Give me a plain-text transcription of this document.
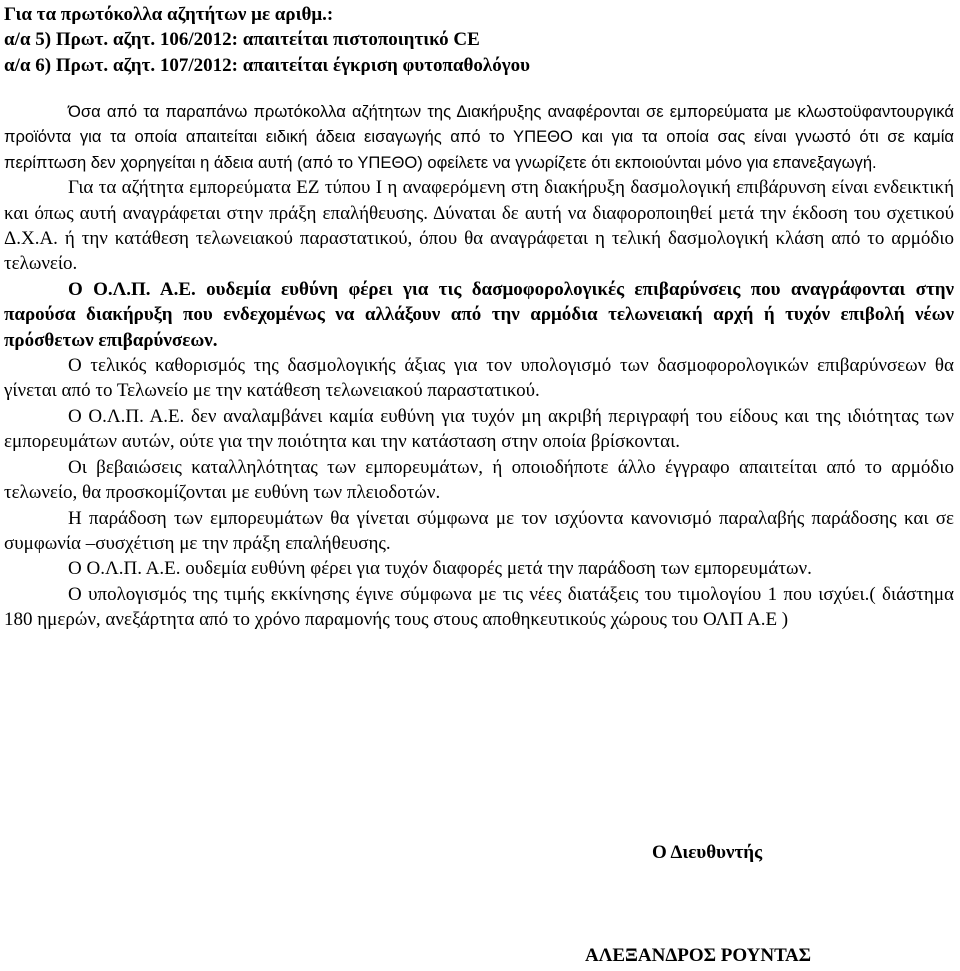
Για τα πρωτόκολλα αζητήτων με αριθμ.:
α/α 5) Πρωτ. αζητ. 106/2012: απαιτείται πιστοποιητικό CE
α/α 6) Πρωτ. αζητ. 107/2012: απαιτείται έγκριση φυτοπαθολόγου

Όσα από τα παραπάνω πρωτόκολλα αζήτητων της Διακήρυξης αναφέρονται σε εμπορεύματα με κλωστοϋφαντουργικά προϊόντα για τα οποία απαιτείται ειδική άδεια εισαγωγής από το ΥΠΕΘΟ και για τα οποία σας είναι γνωστό ότι σε καμία περίπτωση δεν χορηγείται η άδεια αυτή (από το ΥΠΕΘΟ) οφείλετε να γνωρίζετε ότι εκποιούνται μόνο για επανεξαγωγή.

Για τα αζήτητα εμπορεύματα ΕΖ τύπου Ι η αναφερόμενη στη διακήρυξη δασμολογική επιβάρυνση είναι ενδεικτική και όπως αυτή αναγράφεται στην πράξη επαλήθευσης. Δύναται δε αυτή να διαφοροποιηθεί μετά την έκδοση του σχετικού Δ.Χ.Α. ή την κατάθεση τελωνειακού παραστατικού, όπου θα αναγράφεται η τελική δασμολογική κλάση από το αρμόδιο τελωνείο.

Ο Ο.Λ.Π. Α.Ε. ουδεμία ευθύνη φέρει για τις δασμοφορολογικές επιβαρύνσεις που αναγράφονται στην παρούσα διακήρυξη που ενδεχομένως να αλλάξουν από την αρμόδια τελωνειακή αρχή ή τυχόν επιβολή νέων πρόσθετων επιβαρύνσεων.

Ο τελικός καθορισμός της δασμολογικής άξιας για τον υπολογισμό των δασμοφορολογικών επιβαρύνσεων θα γίνεται από το Τελωνείο με την κατάθεση τελωνειακού παραστατικού.

Ο Ο.Λ.Π. Α.Ε. δεν αναλαμβάνει καμία ευθύνη για τυχόν μη ακριβή περιγραφή του είδους και της ιδιότητας των εμπορευμάτων αυτών, ούτε για την ποιότητα και την κατάσταση στην οποία βρίσκονται.

Οι βεβαιώσεις καταλληλότητας των εμπορευμάτων, ή οποιοδήποτε άλλο έγγραφο απαιτείται από το αρμόδιο τελωνείο, θα προσκομίζονται με ευθύνη των πλειοδοτών.

Η παράδοση των εμπορευμάτων θα γίνεται σύμφωνα με τον ισχύοντα κανονισμό παραλαβής παράδοσης και σε συμφωνία –συσχέτιση με την πράξη επαλήθευσης.

Ο Ο.Λ.Π. Α.Ε. ουδεμία ευθύνη φέρει για τυχόν διαφορές μετά την παράδοση των εμπορευμάτων.

Ο υπολογισμός της τιμής εκκίνησης έγινε σύμφωνα με τις νέες διατάξεις του τιμολογίου 1 που ισχύει.( διάστημα 180 ημερών, ανεξάρτητα από το χρόνο παραμονής τους στους αποθηκευτικούς χώρους του ΟΛΠ Α.Ε )

Ο Διευθυντής
ΑΛΕΞΑΝΔΡΟΣ ΡΟΥΝΤΑΣ
